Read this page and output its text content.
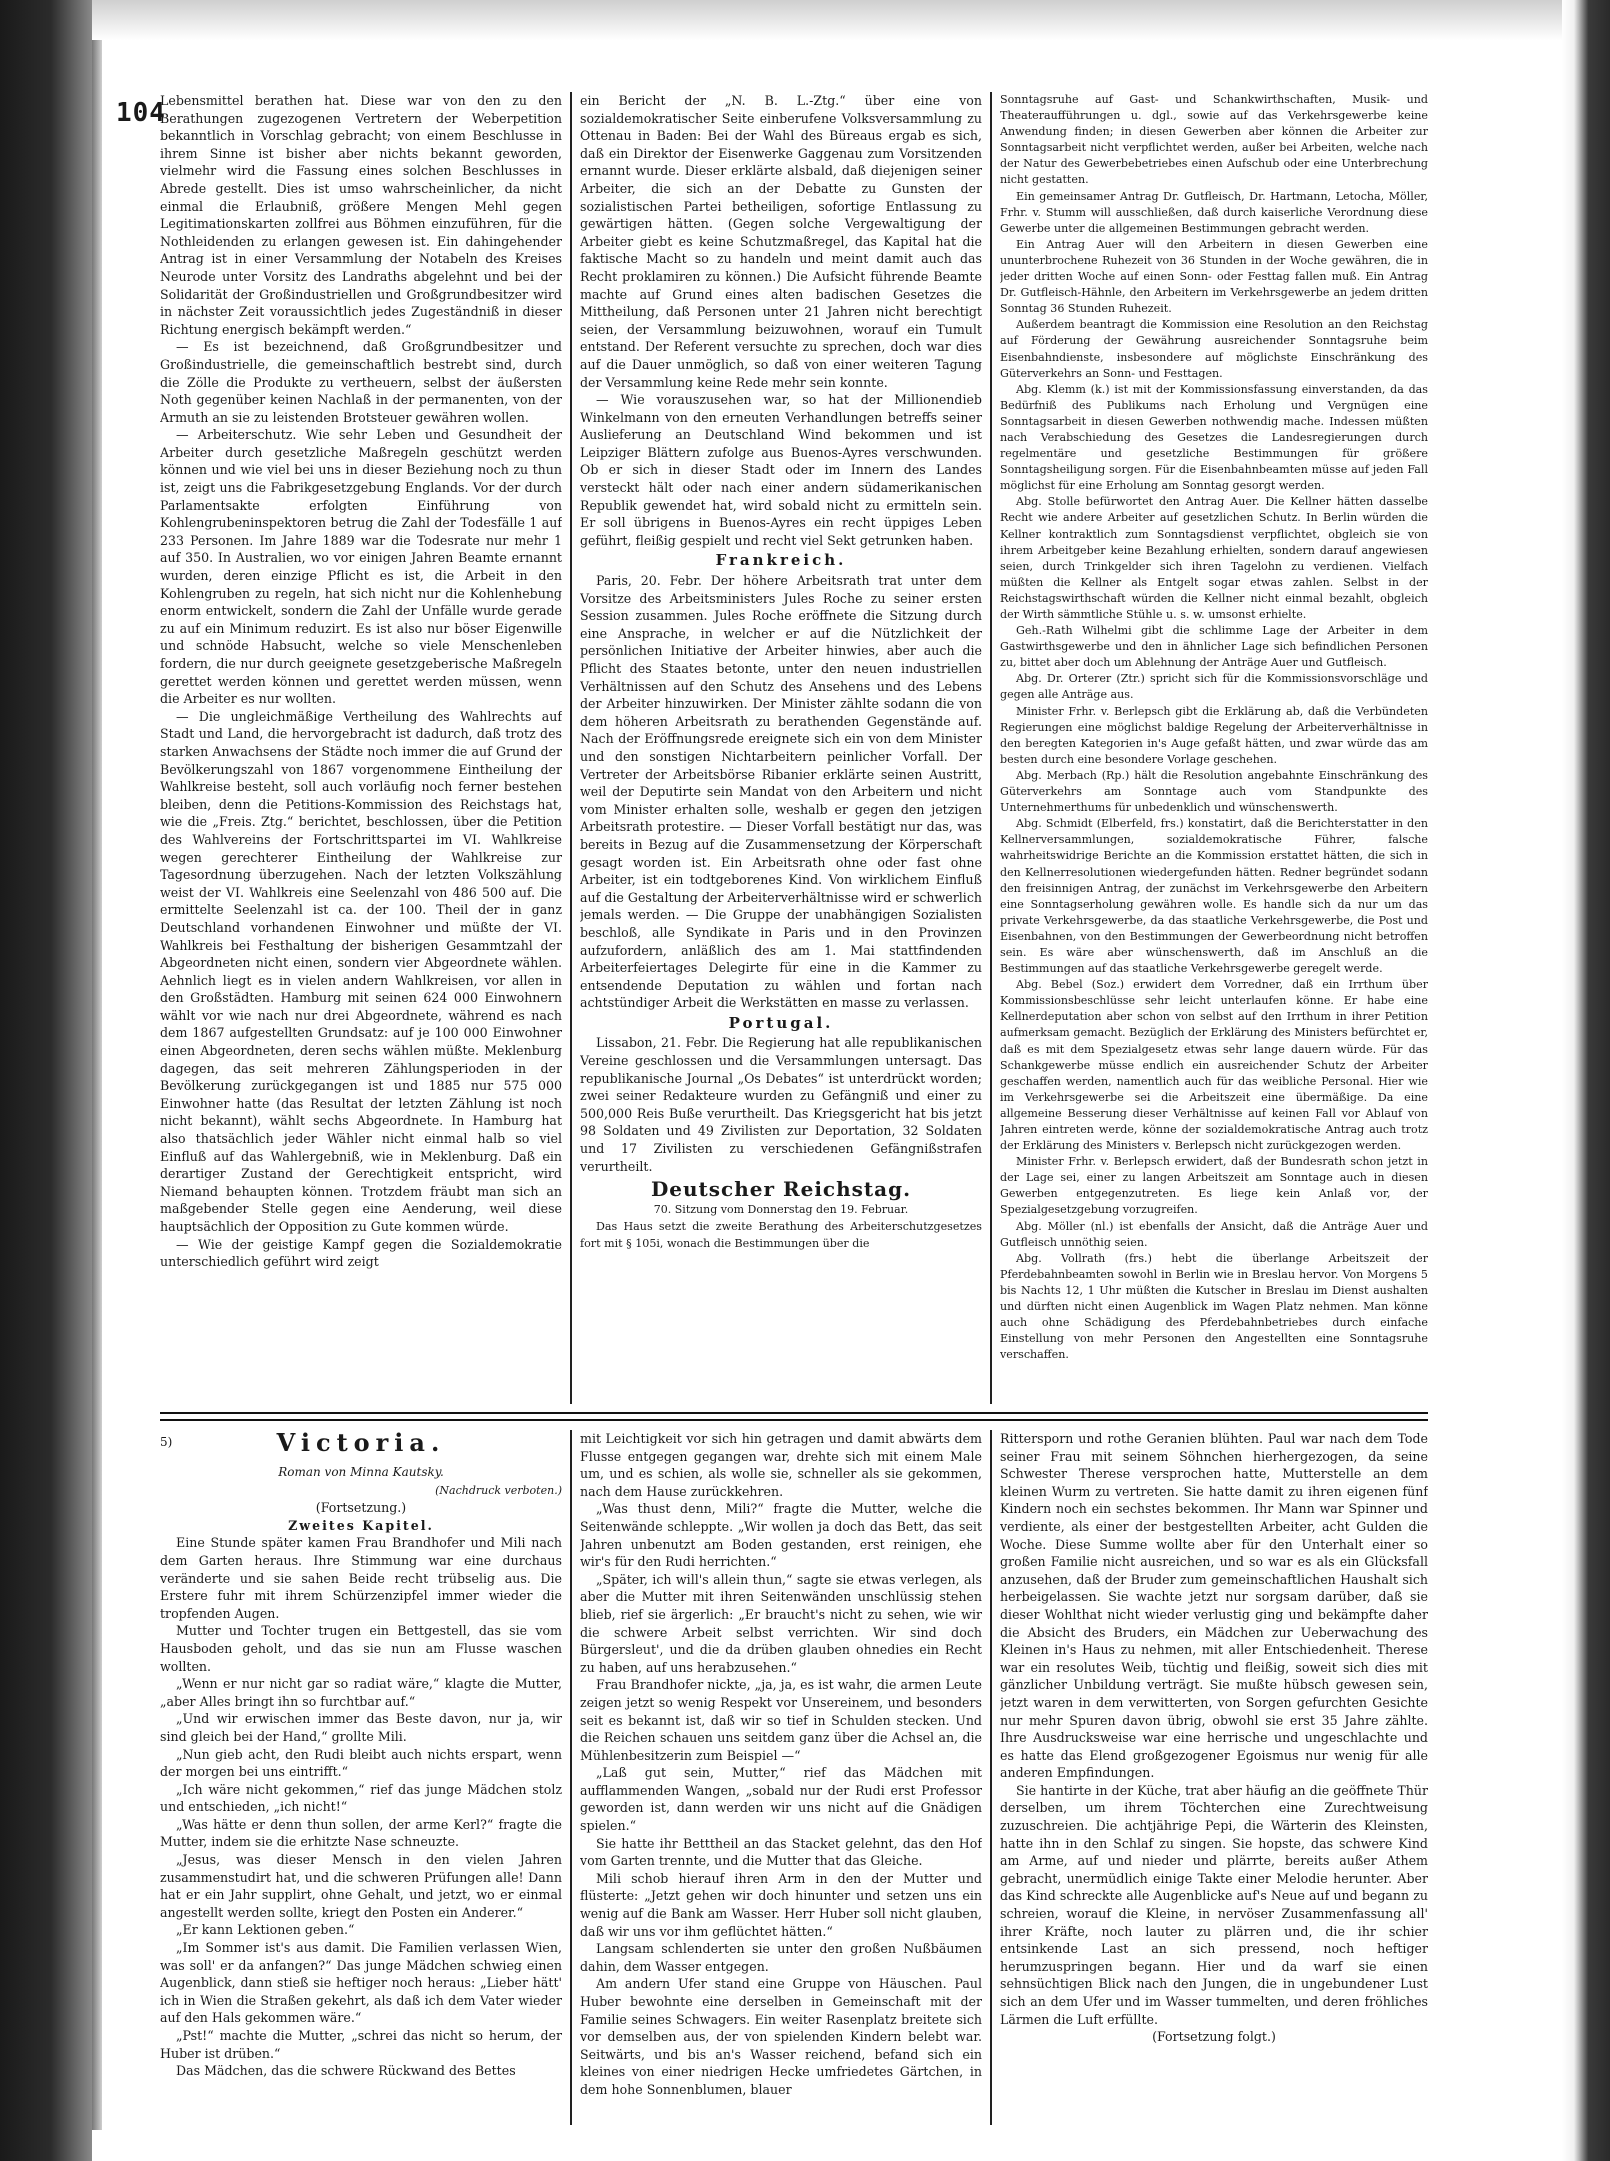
104

Lebensmittel berathen hat. Diese war von den zu den Berathungen zugezogenen Vertretern der Weberpetition bekanntlich in Vorschlag gebracht; von einem Beschlusse in ihrem Sinne ist bisher aber nichts bekannt geworden, vielmehr wird die Fassung eines solchen Beschlusses in Abrede gestellt. Dies ist umso wahrscheinlicher, da nicht einmal die Erlaubniß, größere Mengen Mehl gegen Legitimationskarten zollfrei aus Böhmen einzuführen, für die Nothleidenden zu erlangen gewesen ist. Ein dahingehender Antrag ist in einer Versammlung der Notabeln des Kreises Neurode unter Vorsitz des Landraths abgelehnt und bei der Solidarität der Großindustriellen und Großgrundbesitzer wird in nächster Zeit voraussichtlich jedes Zugeständniß in dieser Richtung energisch bekämpft werden.“

— Es ist bezeichnend, daß Großgrundbesitzer und Großindustrielle, die gemeinschaftlich bestrebt sind, durch die Zölle die Produkte zu vertheuern, selbst der äußersten Noth gegenüber keinen Nachlaß in der permanenten, von der Armuth an sie zu leistenden Brotsteuer gewähren wollen.

— Arbeiterschutz. Wie sehr Leben und Gesundheit der Arbeiter durch gesetzliche Maßregeln geschützt werden können und wie viel bei uns in dieser Beziehung noch zu thun ist, zeigt uns die Fabrikgesetzgebung Englands. Vor der durch Parlamentsakte erfolgten Einführung von Kohlengrubeninspektoren betrug die Zahl der Todesfälle 1 auf 233 Personen. Im Jahre 1889 war die Todesrate nur mehr 1 auf 350. In Australien, wo vor einigen Jahren Beamte ernannt wurden, deren einzige Pflicht es ist, die Arbeit in den Kohlengruben zu regeln, hat sich nicht nur die Kohlenhebung enorm entwickelt, sondern die Zahl der Unfälle wurde gerade zu auf ein Minimum reduzirt. Es ist also nur böser Eigenwille und schnöde Habsucht, welche so viele Menschenleben fordern, die nur durch geeignete gesetzgeberische Maßregeln gerettet werden können und gerettet werden müssen, wenn die Arbeiter es nur wollten.

— Die ungleichmäßige Vertheilung des Wahlrechts auf Stadt und Land, die hervorgebracht ist dadurch, daß trotz des starken Anwachsens der Städte noch immer die auf Grund der Bevölkerungszahl von 1867 vorgenommene Eintheilung der Wahlkreise besteht, soll auch vorläufig noch ferner bestehen bleiben, denn die Petitions-Kommission des Reichstags hat, wie die „Freis. Ztg.“ berichtet, beschlossen, über die Petition des Wahlvereins der Fortschrittspartei im VI. Wahlkreise wegen gerechterer Eintheilung der Wahlkreise zur Tagesordnung überzugehen. Nach der letzten Volkszählung weist der VI. Wahlkreis eine Seelenzahl von 486 500 auf. Die ermittelte Seelenzahl ist ca. der 100. Theil der in ganz Deutschland vorhandenen Einwohner und müßte der VI. Wahlkreis bei Festhaltung der bisherigen Gesammtzahl der Abgeordneten nicht einen, sondern vier Abgeordnete wählen. Aehnlich liegt es in vielen andern Wahlkreisen, vor allen in den Großstädten. Hamburg mit seinen 624 000 Einwohnern wählt vor wie nach nur drei Abgeordnete, während es nach dem 1867 aufgestellten Grundsatz: auf je 100 000 Einwohner einen Abgeordneten, deren sechs wählen müßte. Meklenburg dagegen, das seit mehreren Zählungsperioden in der Bevölkerung zurückgegangen ist und 1885 nur 575 000 Einwohner hatte (das Resultat der letzten Zählung ist noch nicht bekannt), wählt sechs Abgeordnete. In Hamburg hat also thatsächlich jeder Wähler nicht einmal halb so viel Einfluß auf das Wahlergebniß, wie in Meklenburg. Daß ein derartiger Zustand der Gerechtigkeit entspricht, wird Niemand behaupten können. Trotzdem fräubt man sich an maßgebender Stelle gegen eine Aenderung, weil diese hauptsächlich der Opposition zu Gute kommen würde.

— Wie der geistige Kampf gegen die Sozialdemokratie unterschiedlich geführt wird zeigt

ein Bericht der „N. B. L.-Ztg.“ über eine von sozialdemokratischer Seite einberufene Volksversammlung zu Ottenau in Baden: Bei der Wahl des Büreaus ergab es sich, daß ein Direktor der Eisenwerke Gaggenau zum Vorsitzenden ernannt wurde. Dieser erklärte alsbald, daß diejenigen seiner Arbeiter, die sich an der Debatte zu Gunsten der sozialistischen Partei betheiligen, sofortige Entlassung zu gewärtigen hätten. (Gegen solche Vergewaltigung der Arbeiter giebt es keine Schutzmaßregel, das Kapital hat die faktische Macht so zu handeln und meint damit auch das Recht proklamiren zu können.) Die Aufsicht führende Beamte machte auf Grund eines alten badischen Gesetzes die Mittheilung, daß Personen unter 21 Jahren nicht berechtigt seien, der Versammlung beizuwohnen, worauf ein Tumult entstand. Der Referent versuchte zu sprechen, doch war dies auf die Dauer unmöglich, so daß von einer weiteren Tagung der Versammlung keine Rede mehr sein konnte.

— Wie vorauszusehen war, so hat der Millionendieb Winkelmann von den erneuten Verhandlungen betreffs seiner Auslieferung an Deutschland Wind bekommen und ist Leipziger Blättern zufolge aus Buenos-Ayres verschwunden. Ob er sich in dieser Stadt oder im Innern des Landes versteckt hält oder nach einer andern südamerikanischen Republik gewendet hat, wird sobald nicht zu ermitteln sein. Er soll übrigens in Buenos-Ayres ein recht üppiges Leben geführt, fleißig gespielt und recht viel Sekt getrunken haben.

Frankreich.

Paris, 20. Febr. Der höhere Arbeitsrath trat unter dem Vorsitze des Arbeitsministers Jules Roche zu seiner ersten Session zusammen. Jules Roche eröffnete die Sitzung durch eine Ansprache, in welcher er auf die Nützlichkeit der persönlichen Initiative der Arbeiter hinwies, aber auch die Pflicht des Staates betonte, unter den neuen industriellen Verhältnissen auf den Schutz des Ansehens und des Lebens der Arbeiter hinzuwirken. Der Minister zählte sodann die von dem höheren Arbeitsrath zu berathenden Gegenstände auf. Nach der Eröffnungsrede ereignete sich ein von dem Minister und den sonstigen Nichtarbeitern peinlicher Vorfall. Der Vertreter der Arbeitsbörse Ribanier erklärte seinen Austritt, weil der Deputirte sein Mandat von den Arbeitern und nicht vom Minister erhalten solle, weshalb er gegen den jetzigen Arbeitsrath protestire. — Dieser Vorfall bestätigt nur das, was bereits in Bezug auf die Zusammensetzung der Körperschaft gesagt worden ist. Ein Arbeitsrath ohne oder fast ohne Arbeiter, ist ein todtgeborenes Kind. Von wirklichem Einfluß auf die Gestaltung der Arbeiterverhältnisse wird er schwerlich jemals werden. — Die Gruppe der unabhängigen Sozialisten beschloß, alle Syndikate in Paris und in den Provinzen aufzufordern, anläßlich des am 1. Mai stattfindenden Arbeiterfeiertages Delegirte für eine in die Kammer zu entsendende Deputation zu wählen und fortan nach achtstündiger Arbeit die Werkstätten en masse zu verlassen.

Portugal.

Lissabon, 21. Febr. Die Regierung hat alle republikanischen Vereine geschlossen und die Versammlungen untersagt. Das republikanische Journal „Os Debates“ ist unterdrückt worden; zwei seiner Redakteure wurden zu Gefängniß und einer zu 500,000 Reis Buße verurtheilt. Das Kriegsgericht hat bis jetzt 98 Soldaten und 49 Zivilisten zur Deportation, 32 Soldaten und 17 Zivilisten zu verschiedenen Gefängnißstrafen verurtheilt.

Deutscher Reichstag.
70. Sitzung vom Donnerstag den 19. Februar.

Das Haus setzt die zweite Berathung des Arbeiterschutzgesetzes fort mit § 105i, wonach die Bestimmungen über die

Sonntagsruhe auf Gast- und Schankwirthschaften, Musik- und Theateraufführungen u. dgl., sowie auf das Verkehrsgewerbe keine Anwendung finden; in diesen Gewerben aber können die Arbeiter zur Sonntagsarbeit nicht verpflichtet werden, außer bei Arbeiten, welche nach der Natur des Gewerbebetriebes einen Aufschub oder eine Unterbrechung nicht gestatten.

Ein gemeinsamer Antrag Dr. Gutfleisch, Dr. Hartmann, Letocha, Möller, Frhr. v. Stumm will ausschließen, daß durch kaiserliche Verordnung diese Gewerbe unter die allgemeinen Bestimmungen gebracht werden.

Ein Antrag Auer will den Arbeitern in diesen Gewerben eine ununterbrochene Ruhezeit von 36 Stunden in der Woche gewähren, die in jeder dritten Woche auf einen Sonn- oder Festtag fallen muß. Ein Antrag Dr. Gutfleisch-Hähnle, den Arbeitern im Verkehrsgewerbe an jedem dritten Sonntag 36 Stunden Ruhezeit.

Außerdem beantragt die Kommission eine Resolution an den Reichstag auf Förderung der Gewährung ausreichender Sonntagsruhe beim Eisenbahndienste, insbesondere auf möglichste Einschränkung des Güterverkehrs an Sonn- und Festtagen.

Abg. Klemm (k.) ist mit der Kommissionsfassung einverstanden, da das Bedürfniß des Publikums nach Erholung und Vergnügen eine Sonntagsarbeit in diesen Gewerben nothwendig mache. Indessen müßten nach Verabschiedung des Gesetzes die Landesregierungen durch regelmentäre und gesetzliche Bestimmungen für größere Sonntagsheiligung sorgen. Für die Eisenbahnbeamten müsse auf jeden Fall möglichst für eine Erholung am Sonntag gesorgt werden.

Abg. Stolle befürwortet den Antrag Auer. Die Kellner hätten dasselbe Recht wie andere Arbeiter auf gesetzlichen Schutz. In Berlin würden die Kellner kontraktlich zum Sonntagsdienst verpflichtet, obgleich sie von ihrem Arbeitgeber keine Bezahlung erhielten, sondern darauf angewiesen seien, durch Trinkgelder sich ihren Tagelohn zu verdienen. Vielfach müßten die Kellner als Entgelt sogar etwas zahlen. Selbst in der Reichstagswirthschaft würden die Kellner nicht einmal bezahlt, obgleich der Wirth sämmtliche Stühle u. s. w. umsonst erhielte.

Geh.-Rath Wilhelmi gibt die schlimme Lage der Arbeiter in dem Gastwirthsgewerbe und den in ähnlicher Lage sich befindlichen Personen zu, bittet aber doch um Ablehnung der Anträge Auer und Gutfleisch.

Abg. Dr. Orterer (Ztr.) spricht sich für die Kommissionsvorschläge und gegen alle Anträge aus.

Minister Frhr. v. Berlepsch gibt die Erklärung ab, daß die Verbündeten Regierungen eine möglichst baldige Regelung der Arbeiterverhältnisse in den beregten Kategorien in's Auge gefaßt hätten, und zwar würde das am besten durch eine besondere Vorlage geschehen.

Abg. Merbach (Rp.) hält die Resolution angebahnte Einschränkung des Güterverkehrs am Sonntage auch vom Standpunkte des Unternehmerthums für unbedenklich und wünschenswerth.

Abg. Schmidt (Elberfeld, frs.) konstatirt, daß die Berichterstatter in den Kellnerversammlungen, sozialdemokratische Führer, falsche wahrheitswidrige Berichte an die Kommission erstattet hätten, die sich in den Kellnerresolutionen wiedergefunden hätten. Redner begründet sodann den freisinnigen Antrag, der zunächst im Verkehrsgewerbe den Arbeitern eine Sonntagserholung gewähren wolle. Es handle sich da nur um das private Verkehrsgewerbe, da das staatliche Verkehrsgewerbe, die Post und Eisenbahnen, von den Bestimmungen der Gewerbeordnung nicht betroffen sein. Es wäre aber wünschenswerth, daß im Anschluß an die Bestimmungen auf das staatliche Verkehrsgewerbe geregelt werde.

Abg. Bebel (Soz.) erwidert dem Vorredner, daß ein Irrthum über Kommissionsbeschlüsse sehr leicht unterlaufen könne. Er habe eine Kellnerdeputation aber schon von selbst auf den Irrthum in ihrer Petition aufmerksam gemacht. Bezüglich der Erklärung des Ministers befürchtet er, daß es mit dem Spezialgesetz etwas sehr lange dauern würde. Für das Schankgewerbe müsse endlich ein ausreichender Schutz der Arbeiter geschaffen werden, namentlich auch für das weibliche Personal. Hier wie im Verkehrsgewerbe sei die Arbeitszeit eine übermäßige. Da eine allgemeine Besserung dieser Verhältnisse auf keinen Fall vor Ablauf von Jahren eintreten werde, könne der sozialdemokratische Antrag auch trotz der Erklärung des Ministers v. Berlepsch nicht zurückgezogen werden.

Minister Frhr. v. Berlepsch erwidert, daß der Bundesrath schon jetzt in der Lage sei, einer zu langen Arbeitszeit am Sonntage auch in diesen Gewerben entgegenzutreten. Es liege kein Anlaß vor, der Spezialgesetzgebung vorzugreifen.

Abg. Möller (nl.) ist ebenfalls der Ansicht, daß die Anträge Auer und Gutfleisch unnöthig seien.

Abg. Vollrath (frs.) hebt die überlange Arbeitszeit der Pferdebahnbeamten sowohl in Berlin wie in Breslau hervor. Von Morgens 5 bis Nachts 12, 1 Uhr müßten die Kutscher in Breslau im Dienst aushalten und dürften nicht einen Augenblick im Wagen Platz nehmen. Man könne auch ohne Schädigung des Pferdebahnbetriebes durch einfache Einstellung von mehr Personen den Angestellten eine Sonntagsruhe verschaffen.

5)	Victoria.
Roman von Minna Kautsky.
(Nachdruck verboten.)
(Fortsetzung.)
Zweites Kapitel.

Eine Stunde später kamen Frau Brandhofer und Mili nach dem Garten heraus. Ihre Stimmung war eine durchaus veränderte und sie sahen Beide recht trübselig aus. Die Erstere fuhr mit ihrem Schürzenzipfel immer wieder die tropfenden Augen.

Mutter und Tochter trugen ein Bettgestell, das sie vom Hausboden geholt, und das sie nun am Flusse waschen wollten.

„Wenn er nur nicht gar so radiat wäre,“ klagte die Mutter, „aber Alles bringt ihn so furchtbar auf.“

„Und wir erwischen immer das Beste davon, nur ja, wir sind gleich bei der Hand,“ grollte Mili.

„Nun gieb acht, den Rudi bleibt auch nichts erspart, wenn der morgen bei uns eintrifft.“

„Ich wäre nicht gekommen,“ rief das junge Mädchen stolz und entschieden, „ich nicht!“

„Was hätte er denn thun sollen, der arme Kerl?“ fragte die Mutter, indem sie die erhitzte Nase schneuzte.

„Jesus, was dieser Mensch in den vielen Jahren zusammenstudirt hat, und die schweren Prüfungen alle! Dann hat er ein Jahr supplirt, ohne Gehalt, und jetzt, wo er einmal angestellt werden sollte, kriegt den Posten ein Anderer.“

„Er kann Lektionen geben.“

„Im Sommer ist's aus damit. Die Familien verlassen Wien, was soll' er da anfangen?“ Das junge Mädchen schwieg einen Augenblick, dann stieß sie heftiger noch heraus: „Lieber hätt' ich in Wien die Straßen gekehrt, als daß ich dem Vater wieder auf den Hals gekommen wäre.“

„Pst!“ machte die Mutter, „schrei das nicht so herum, der Huber ist drüben.“

Das Mädchen, das die schwere Rückwand des Bettes

mit Leichtigkeit vor sich hin getragen und damit abwärts dem Flusse entgegen gegangen war, drehte sich mit einem Male um, und es schien, als wolle sie, schneller als sie gekommen, nach dem Hause zurückkehren.

„Was thust denn, Mili?“ fragte die Mutter, welche die Seitenwände schleppte. „Wir wollen ja doch das Bett, das seit Jahren unbenutzt am Boden gestanden, erst reinigen, ehe wir's für den Rudi herrichten.“

„Später, ich will's allein thun,“ sagte sie etwas verlegen, als aber die Mutter mit ihren Seitenwänden unschlüssig stehen blieb, rief sie ärgerlich: „Er braucht's nicht zu sehen, wie wir die schwere Arbeit selbst verrichten. Wir sind doch Bürgersleut', und die da drüben glauben ohnedies ein Recht zu haben, auf uns herabzusehen.“

Frau Brandhofer nickte, „ja, ja, es ist wahr, die armen Leute zeigen jetzt so wenig Respekt vor Unsereinem, und besonders seit es bekannt ist, daß wir so tief in Schulden stecken. Und die Reichen schauen uns seitdem ganz über die Achsel an, die Mühlenbesitzerin zum Beispiel —“

„Laß gut sein, Mutter,“ rief das Mädchen mit aufflammenden Wangen, „sobald nur der Rudi erst Professor geworden ist, dann werden wir uns nicht auf die Gnädigen spielen.“

Sie hatte ihr Betttheil an das Stacket gelehnt, das den Hof vom Garten trennte, und die Mutter that das Gleiche.

Mili schob hierauf ihren Arm in den der Mutter und flüsterte: „Jetzt gehen wir doch hinunter und setzen uns ein wenig auf die Bank am Wasser. Herr Huber soll nicht glauben, daß wir uns vor ihm geflüchtet hätten.“

Langsam schlenderten sie unter den großen Nußbäumen dahin, dem Wasser entgegen.

Am andern Ufer stand eine Gruppe von Häuschen. Paul Huber bewohnte eine derselben in Gemeinschaft mit der Familie seines Schwagers. Ein weiter Rasenplatz breitete sich vor demselben aus, der von spielenden Kindern belebt war. Seitwärts, und bis an's Wasser reichend, befand sich ein kleines von einer niedrigen Hecke umfriedetes Gärtchen, in dem hohe Sonnenblumen, blauer

Rittersporn und rothe Geranien blühten. Paul war nach dem Tode seiner Frau mit seinem Söhnchen hierhergezogen, da seine Schwester Therese versprochen hatte, Mutterstelle an dem kleinen Wurm zu vertreten. Sie hatte damit zu ihren eigenen fünf Kindern noch ein sechstes bekommen. Ihr Mann war Spinner und verdiente, als einer der bestgestellten Arbeiter, acht Gulden die Woche. Diese Summe wollte aber für den Unterhalt einer so großen Familie nicht ausreichen, und so war es als ein Glücksfall anzusehen, daß der Bruder zum gemeinschaftlichen Haushalt sich herbeigelassen. Sie wachte jetzt nur sorgsam darüber, daß sie dieser Wohlthat nicht wieder verlustig ging und bekämpfte daher die Absicht des Bruders, ein Mädchen zur Ueberwachung des Kleinen in's Haus zu nehmen, mit aller Entschiedenheit. Therese war ein resolutes Weib, tüchtig und fleißig, soweit sich dies mit gänzlicher Unbildung verträgt. Sie mußte hübsch gewesen sein, jetzt waren in dem verwitterten, von Sorgen gefurchten Gesichte nur mehr Spuren davon übrig, obwohl sie erst 35 Jahre zählte. Ihre Ausdrucksweise war eine herrische und ungeschlachte und es hatte das Elend großgezogener Egoismus nur wenig für alle anderen Empfindungen.

Sie hantirte in der Küche, trat aber häufig an die geöffnete Thür derselben, um ihrem Töchterchen eine Zurechtweisung zuzuschreien. Die achtjährige Pepi, die Wärterin des Kleinsten, hatte ihn in den Schlaf zu singen. Sie hopste, das schwere Kind am Arme, auf und nieder und plärrte, bereits außer Athem gebracht, unermüdlich einige Takte einer Melodie herunter. Aber das Kind schreckte alle Augenblicke auf's Neue auf und begann zu schreien, worauf die Kleine, in nervöser Zusammenfassung all' ihrer Kräfte, noch lauter zu plärren und, die ihr schier entsinkende Last an sich pressend, noch heftiger herumzuspringen begann. Hier und da warf sie einen sehnsüchtigen Blick nach den Jungen, die in ungebundener Lust sich an dem Ufer und im Wasser tummelten, und deren fröhliches Lärmen die Luft erfüllte.

(Fortsetzung folgt.)
